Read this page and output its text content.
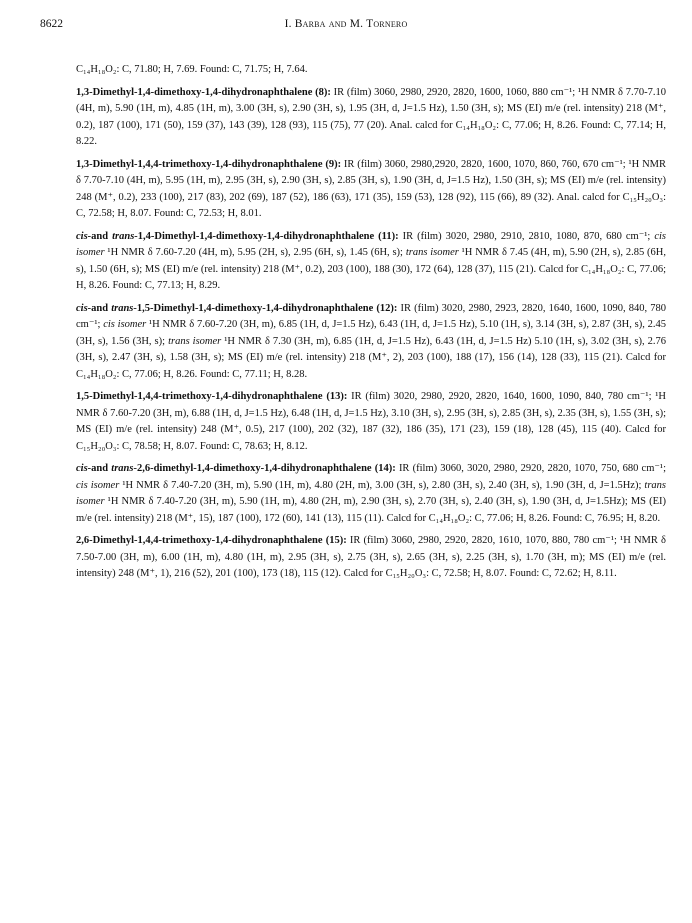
8622	I. Barba and M. Tornero

C₁₄H₁₈O₂: C, 71.80; H, 7.69. Found: C, 71.75; H, 7.64.

1,3-Dimethyl-1,4-dimethoxy-1,4-dihydronaphthalene (8): IR (film) 3060, 2980, 2920, 2820, 1600, 1060, 880 cm⁻¹; ¹H NMR δ 7.70-7.10 (4H, m), 5.90 (1H, m), 4.85 (1H, m), 3.00 (3H, s), 2.90 (3H, s), 1.95 (3H, d, J=1.5 Hz), 1.50 (3H, s); MS (EI) m/e (rel. intensity) 218 (M⁺, 0.2), 187 (100), 171 (50), 159 (37), 143 (39), 128 (93), 115 (75), 77 (20). Anal. calcd for C₁₄H₁₈O₂: C, 77.06; H, 8.26. Found: C, 77.14; H, 8.22.

1,3-Dimethyl-1,4,4-trimethoxy-1,4-dihydronaphthalene (9): IR (film) 3060, 2980,2920, 2820, 1600, 1070, 860, 760, 670 cm⁻¹; ¹H NMR δ 7.70-7.10 (4H, m), 5.95 (1H, m), 2.95 (3H, s), 2.90 (3H, s), 2.85 (3H, s), 1.90 (3H, d, J=1.5 Hz), 1.50 (3H, s); MS (EI) m/e (rel. intensity) 248 (M⁺, 0.2), 233 (100), 217 (83), 202 (69), 187 (52), 186 (63), 171 (35), 159 (53), 128 (92), 115 (66), 89 (32). Anal. calcd for C₁₅H₂₀O₃: C, 72.58; H, 8.07. Found: C, 72.53; H, 8.01.

cis-and trans-1,4-Dimethyl-1,4-dimethoxy-1,4-dihydronaphthalene (11): IR (film) 3020, 2980, 2910, 2810, 1080, 870, 680 cm⁻¹; cis isomer ¹H NMR δ 7.60-7.20 (4H, m), 5.95 (2H, s), 2.95 (6H, s), 1.45 (6H, s); trans isomer ¹H NMR δ 7.45 (4H, m), 5.90 (2H, s), 2.85 (6H, s), 1.50 (6H, s); MS (EI) m/e (rel. intensity) 218 (M⁺, 0.2), 203 (100), 188 (30), 172 (64), 128 (37), 115 (21). Calcd for C₁₄H₁₈O₂: C, 77.06; H, 8.26. Found: C, 77.13; H, 8.29.

cis-and trans-1,5-Dimethyl-1,4-dimethoxy-1,4-dihydronaphthalene (12): IR (film) 3020, 2980, 2923, 2820, 1640, 1600, 1090, 840, 780 cm⁻¹; cis isomer ¹H NMR δ 7.60-7.20 (3H, m), 6.85 (1H, d, J=1.5 Hz), 6.43 (1H, d, J=1.5 Hz), 5.10 (1H, s), 3.14 (3H, s), 2.87 (3H, s), 2.45 (3H, s), 1.56 (3H, s); trans isomer ¹H NMR δ 7.30 (3H, m), 6.85 (1H, d, J=1.5 Hz), 6.43 (1H, d, J=1.5 Hz) 5.10 (1H, s), 3.02 (3H, s), 2.76 (3H, s), 2.47 (3H, s), 1.58 (3H, s); MS (EI) m/e (rel. intensity) 218 (M⁺, 2), 203 (100), 188 (17), 156 (14), 128 (33), 115 (21). Calcd for C₁₄H₁₈O₂: C, 77.06; H, 8.26. Found: C, 77.11; H, 8.28.

1,5-Dimethyl-1,4,4-trimethoxy-1,4-dihydronaphthalene (13): IR (film) 3020, 2980, 2920, 2820, 1640, 1600, 1090, 840, 780 cm⁻¹; ¹H NMR δ 7.60-7.20 (3H, m), 6.88 (1H, d, J=1.5 Hz), 6.48 (1H, d, J=1.5 Hz), 3.10 (3H, s), 2.95 (3H, s), 2.85 (3H, s), 2.35 (3H, s), 1.55 (3H, s); MS (EI) m/e (rel. intensity) 248 (M⁺, 0.5), 217 (100), 202 (32), 187 (32), 186 (35), 171 (23), 159 (18), 128 (45), 115 (40). Calcd for C₁₅H₂₀O₃: C, 78.58; H, 8.07. Found: C, 78.63; H, 8.12.

cis-and trans-2,6-dimethyl-1,4-dimethoxy-1,4-dihydronaphthalene (14): IR (film) 3060, 3020, 2980, 2920, 2820, 1070, 750, 680 cm⁻¹; cis isomer ¹H NMR δ 7.40-7.20 (3H, m), 5.90 (1H, m), 4.80 (2H, m), 3.00 (3H, s), 2.80 (3H, s), 2.40 (3H, s), 1.90 (3H, d, J=1.5Hz); trans isomer ¹H NMR δ 7.40-7.20 (3H, m), 5.90 (1H, m), 4.80 (2H, m), 2.90 (3H, s), 2.70 (3H, s), 2.40 (3H, s), 1.90 (3H, d, J=1.5Hz); MS (EI) m/e (rel. intensity) 218 (M⁺, 15), 187 (100), 172 (60), 141 (13), 115 (11). Calcd for C₁₄H₁₈O₂: C, 77.06; H, 8.26. Found: C, 76.95; H, 8.20.

2,6-Dimethyl-1,4,4-trimethoxy-1,4-dihydronaphthalene (15): IR (film) 3060, 2980, 2920, 2820, 1610, 1070, 880, 780 cm⁻¹; ¹H NMR δ 7.50-7.00 (3H, m), 6.00 (1H, m), 4.80 (1H, m), 2.95 (3H, s), 2.75 (3H, s), 2.65 (3H, s), 2.25 (3H, s), 1.70 (3H, m); MS (EI) m/e (rel. intensity) 248 (M⁺, 1), 216 (52), 201 (100), 173 (18), 115 (12). Calcd for C₁₅H₂₀O₃: C, 72.58; H, 8.07. Found: C, 72.62; H, 8.11.
